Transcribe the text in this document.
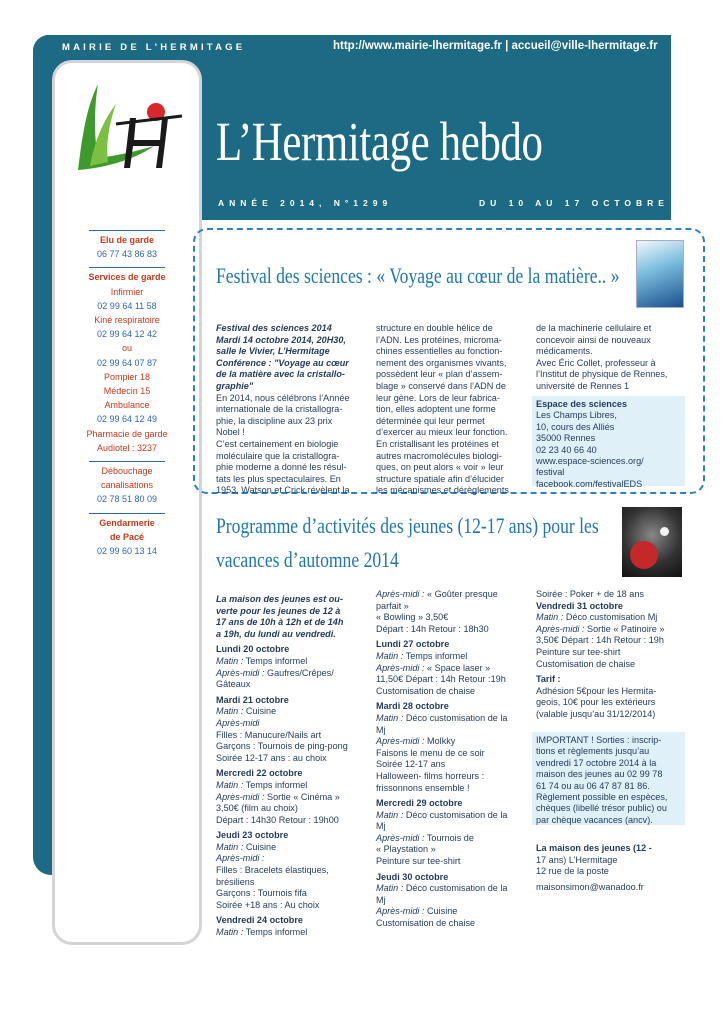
MAIRIE DE L'HERMITAGE	http://www.mairie-lhermitage.fr | accueil@ville-lhermitage.fr
L’Hermitage hebdo
ANNÉE 2014, N°1299	DU 10 AU 17 OCTOBRE
Elu de garde
06 77 43 86 83
Services de garde
Infirmier
02 99 64 11 58
Kiné respiratoire
02 99 64 12 42
ou
02 99 64 07 87
Pompier 18
Médecin 15
Ambulance
02 99 64 12 49
Pharmacie de garde
Audiotel : 3237
Débouchage
canalisations
02 78 51 80 09
Gendarmerie
de Pacé
02 99 60 13 14
Festival des sciences : « Voyage au cœur de la matière.. »
Festival des sciences 2014
Mardi 14 octobre 2014, 20H30,
salle le Vivier, L’Hermitage
Conférence : "Voyage au cœur
de la matière avec la cristallo-
graphie"
En 2014, nous célébrons l’Année
internationale de la cristallogra-
phie, la discipline aux 23 prix
Nobel !
C’est certainement en biologie
moléculaire que la cristallogra-
phie moderne a donné les résul-
tats les plus spectaculaires. En
1953, Watson et Crick révèlent la
structure en double hélice de
l’ADN. Les protéines, microma-
chines essentielles au fonction-
nement des organismes vivants,
possèdent leur « plan d’assem-
blage » conservé dans l’ADN de
leur gène. Lors de leur fabrica-
tion, elles adoptent une forme
déterminée qui leur permet
d’exercer au mieux leur fonction.
En cristallisant les protéines et
autres macromolécules biologi-
ques, on peut alors « voir » leur
structure spatiale afin d’élucider
les mécanismes et dérèglements
de la machinerie cellulaire et
concevoir ainsi de nouveaux
médicaments.
Avec Éric Collet, professeur à
l’Institut de physique de Rennes,
université de Rennes 1
Espace des sciences
Les Champs Libres,
10, cours des Alliés
35000 Rennes
02 23 40 66 40
www.espace-sciences.org/
festival
facebook.com/festivalEDS
Programme d’activités des jeunes (12-17 ans) pour les
vacances d’automne 2014
La maison des jeunes est ou-
verte pour les jeunes de 12 à
17 ans de 10h à 12h et de 14h
a 19h, du lundi au vendredi.
Lundi 20 octobre
Matin : Temps informel
Après-midi : Gaufres/Crêpes/
Gâteaux
Mardi 21 octobre
Matin : Cuisine
Après-midi
Filles : Manucure/Nails art
Garçons : Tournois de ping-pong
Soirée 12-17 ans : au choix
Mercredi 22 octobre
Matin : Temps informel
Après-midi : Sortie « Cinéma »
3,50€ (film au choix)
Départ : 14h30 Retour : 19h00
Jeudi 23 octobre
Matin : Cuisine
Après-midi :
Filles : Bracelets élastiques,
brésiliens
Garçons : Tournois fifa
Soirée +18 ans : Au choix
Vendredi 24 octobre
Matin : Temps informel
Après-midi : « Goûter presque
parfait »
« Bowling » 3,50€
Départ : 14h Retour : 18h30
Lundi 27 octobre
Matin : Temps informel
Après-midi : « Space laser »
11,50€ Départ : 14h Retour :19h
Customisation de chaise
Mardi 28 octobre
Matin : Déco customisation de la
Mj
Après-midi : Molkky
Faisons le menu de ce soir
Soirée 12-17 ans
Halloween- films horreurs :
frissonnons ensemble !
Mercredi 29 octobre
Matin : Déco customisation de la
Mj
Après-midi : Tournois de
« Playstation »
Peinture sur tee-shirt
Jeudi 30 octobre
Matin : Déco customisation de la
Mj
Après-midi : Cuisine
Customisation de chaise
Soirée : Poker + de 18 ans
Vendredi 31 octobre
Matin : Déco customisation Mj
Après-midi : Sortie « Patinoire »
3,50€ Départ : 14h Retour : 19h
Peinture sur tee-shirt
Customisation de chaise
Tarif :
Adhésion 5€pour les Hermita-
geois, 10€ pour les extérieurs
(valable jusqu’au 31/12/2014)
IMPORTANT ! Sorties : inscrip-
tions et règlements jusqu’au
vendredi 17 octobre 2014 à la
maison des jeunes au 02 99 78
61 74 ou au 06 47 87 81 86.
Règlement possible en espèces,
chèques (libellé trésor public) ou
par chèque vacances (ancv).
La maison des jeunes (12 -
17 ans) L’Hermitage
12 rue de la poste
maisonsimon@wanadoo.fr
